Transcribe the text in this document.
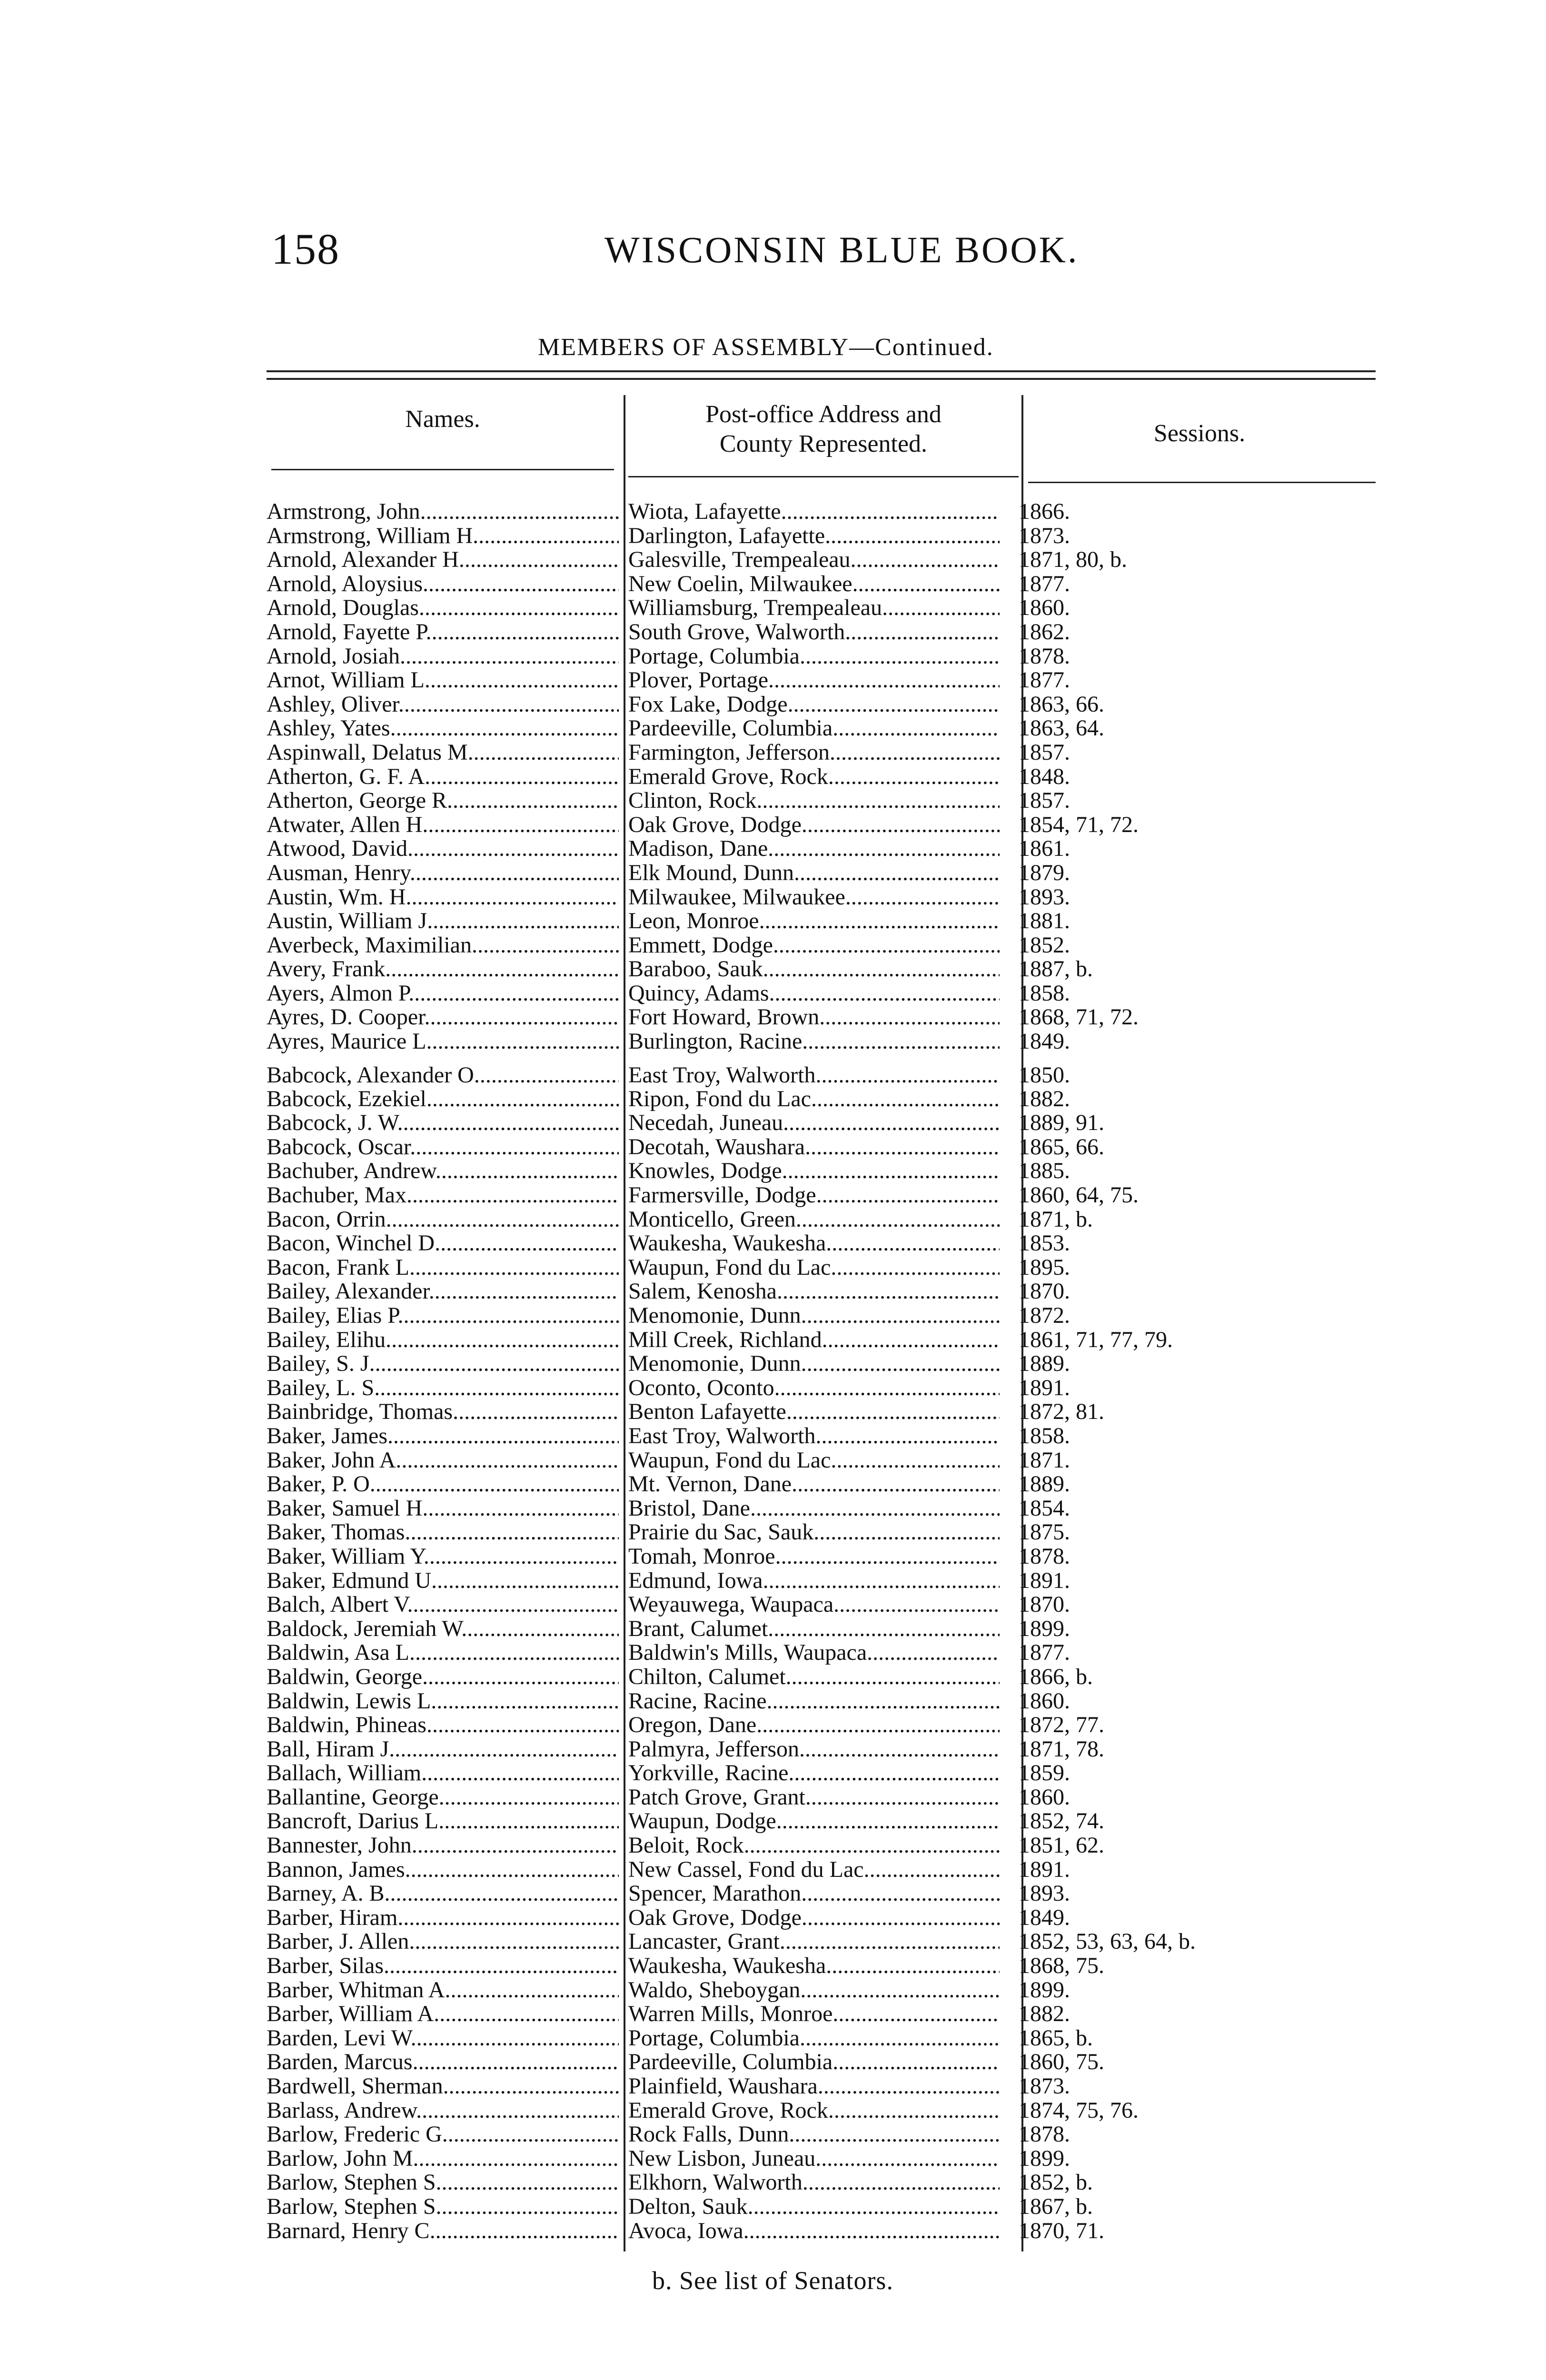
158	WISCONSIN BLUE BOOK.
MEMBERS OF ASSEMBLY—Continued.
Names.	Post-office Address and
County Represented.	Sessions.
Armstrong, John .....	Wiota, Lafayette .....	1866.
Armstrong, William H .....	Darlington, Lafayette .....	1873.
Arnold, Alexander H .....	Galesville, Trempealeau .....	1871, 80, b.
Arnold, Aloysius .....	New Coelin, Milwaukee .....	1877.
Arnold, Douglas .....	Williamsburg, Trempealeau .....	1860.
Arnold, Fayette P .....	South Grove, Walworth .....	1862.
Arnold, Josiah .....	Portage, Columbia .....	1878.
Arnot, William L .....	Plover, Portage .....	1877.
Ashley, Oliver .....	Fox Lake, Dodge .....	1863, 66.
Ashley, Yates .....	Pardeeville, Columbia .....	1863, 64.
Aspinwall, Delatus M .....	Farmington, Jefferson .....	1857.
Atherton, G. F. A .....	Emerald Grove, Rock .....	1848.
Atherton, George R .....	Clinton, Rock .....	1857.
Atwater, Allen H .....	Oak Grove, Dodge .....	1854, 71, 72.
Atwood, David .....	Madison, Dane .....	1861.
Ausman, Henry .....	Elk Mound, Dunn .....	1879.
Austin, Wm. H .....	Milwaukee, Milwaukee .....	1893.
Austin, William J .....	Leon, Monroe .....	1881.
Averbeck, Maximilian .....	Emmett, Dodge .....	1852.
Avery, Frank .....	Baraboo, Sauk .....	1887, b.
Ayers, Almon P .....	Quincy, Adams .....	1858.
Ayres, D. Cooper .....	Fort Howard, Brown .....	1868, 71, 72.
Ayres, Maurice L .....	Burlington, Racine .....	1849.
Babcock, Alexander O .....	East Troy, Walworth .....	1850.
Babcock, Ezekiel .....	Ripon, Fond du Lac .....	1882.
Babcock, J. W .....	Necedah, Juneau .....	1889, 91.
Babcock, Oscar .....	Decotah, Waushara .....	1865, 66.
Bachuber, Andrew .....	Knowles, Dodge .....	1885.
Bachuber, Max .....	Farmersville, Dodge .....	1860, 64, 75.
Bacon, Orrin .....	Monticello, Green .....	1871, b.
Bacon, Winchel D .....	Waukesha, Waukesha .....	1853.
Bacon, Frank L .....	Waupun, Fond du Lac .....	1895.
Bailey, Alexander .....	Salem, Kenosha .....	1870.
Bailey, Elias P .....	Menomonie, Dunn .....	1872.
Bailey, Elihu .....	Mill Creek, Richland .....	1861, 71, 77, 79.
Bailey, S. J .....	Menomonie, Dunn .....	1889.
Bailey, L. S .....	Oconto, Oconto .....	1891.
Bainbridge, Thomas .....	Benton Lafayette .....	1872, 81.
Baker, James .....	East Troy, Walworth .....	1858.
Baker, John A .....	Waupun, Fond du Lac .....	1871.
Baker, P. O .....	Mt. Vernon, Dane .....	1889.
Baker, Samuel H .....	Bristol, Dane .....	1854.
Baker, Thomas .....	Prairie du Sac, Sauk .....	1875.
Baker, William Y .....	Tomah, Monroe .....	1878.
Baker, Edmund U .....	Edmund, Iowa .....	1891.
Balch, Albert V .....	Weyauwega, Waupaca .....	1870.
Baldock, Jeremiah W .....	Brant, Calumet .....	1899.
Baldwin, Asa L .....	Baldwin's Mills, Waupaca .....	1877.
Baldwin, George .....	Chilton, Calumet .....	1866, b.
Baldwin, Lewis L .....	Racine, Racine .....	1860.
Baldwin, Phineas .....	Oregon, Dane .....	1872, 77.
Ball, Hiram J .....	Palmyra, Jefferson .....	1871, 78.
Ballach, William .....	Yorkville, Racine .....	1859.
Ballantine, George .....	Patch Grove, Grant .....	1860.
Bancroft, Darius L .....	Waupun, Dodge .....	1852, 74.
Bannester, John .....	Beloit, Rock .....	1851, 62.
Bannon, James .....	New Cassel, Fond du Lac .....	1891.
Barney, A. B .....	Spencer, Marathon .....	1893.
Barber, Hiram .....	Oak Grove, Dodge .....	1849.
Barber, J. Allen .....	Lancaster, Grant .....	1852, 53, 63, 64, b.
Barber, Silas .....	Waukesha, Waukesha .....	1868, 75.
Barber, Whitman A .....	Waldo, Sheboygan .....	1899.
Barber, William A .....	Warren Mills, Monroe .....	1882.
Barden, Levi W .....	Portage, Columbia .....	1865, b.
Barden, Marcus .....	Pardeeville, Columbia .....	1860, 75.
Bardwell, Sherman .....	Plainfield, Waushara .....	1873.
Barlass, Andrew .....	Emerald Grove, Rock .....	1874, 75, 76.
Barlow, Frederic G .....	Rock Falls, Dunn .....	1878.
Barlow, John M .....	New Lisbon, Juneau .....	1899.
Barlow, Stephen S .....	Elkhorn, Walworth .....	1852, b.
Barlow, Stephen S .....	Delton, Sauk .....	1867, b.
Barnard, Henry C .....	Avoca, Iowa .....	1870, 71.
b. See list of Senators.
